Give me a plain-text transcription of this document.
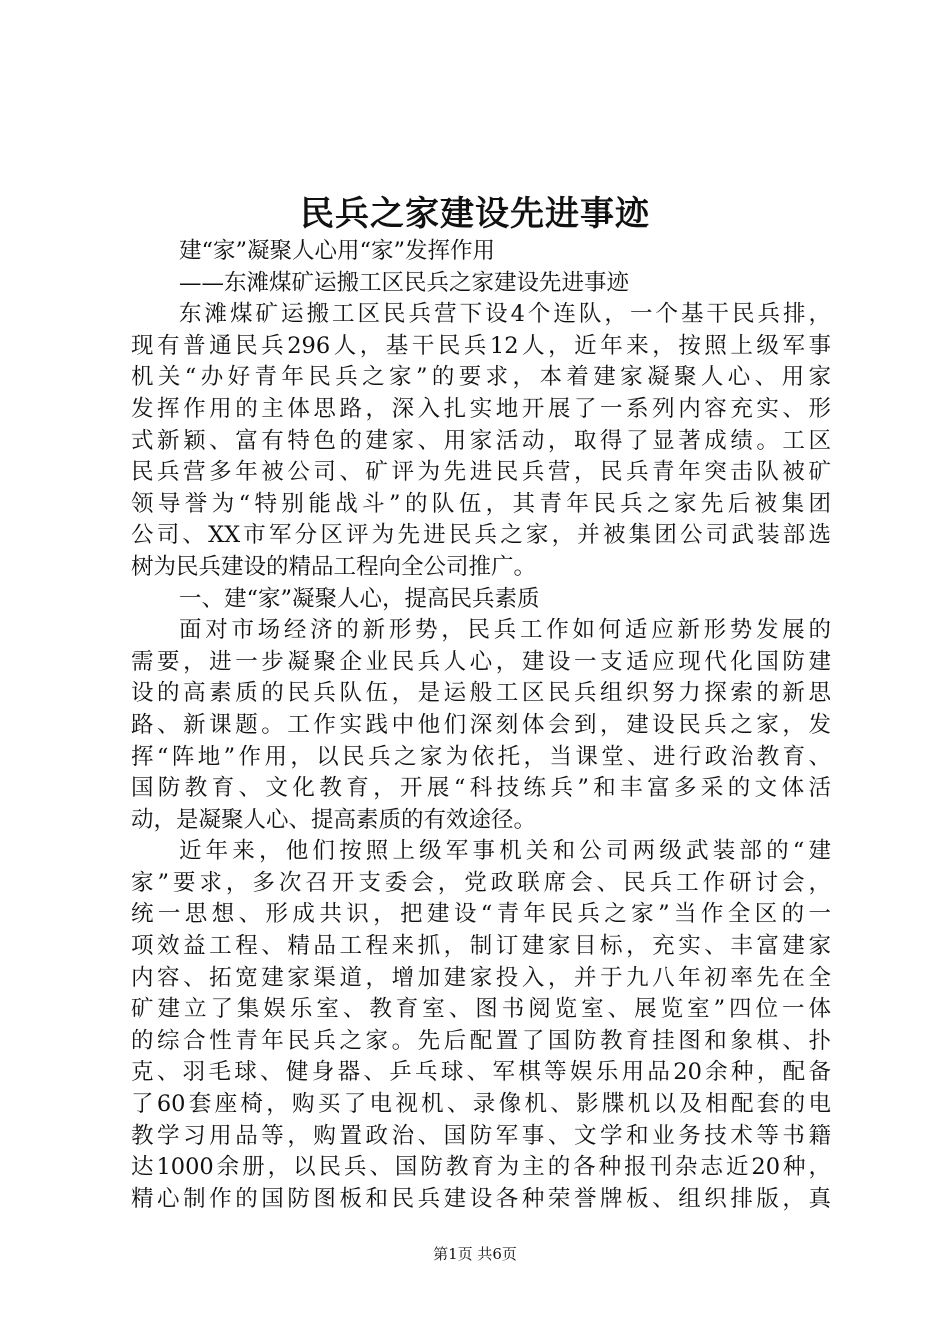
民兵之家建设先进事迹
建“家”凝聚人心用“家”发挥作用
——东滩煤矿运搬工区民兵之家建设先进事迹
东滩煤矿运搬工区民兵营下设4个连队，一个基干民兵排，
现有普通民兵296人，基干民兵12人，近年来，按照上级军事
机关“办好青年民兵之家”的要求，本着建家凝聚人心、用家
发挥作用的主体思路，深入扎实地开展了一系列内容充实、形
式新颖、富有特色的建家、用家活动，取得了显著成绩。工区
民兵营多年被公司、矿评为先进民兵营，民兵青年突击队被矿
领导誉为“特别能战斗”的队伍，其青年民兵之家先后被集团
公司、XX市军分区评为先进民兵之家，并被集团公司武装部选
树为民兵建设的精品工程向全公司推广。
一、建“家”凝聚人心，提高民兵素质
面对市场经济的新形势，民兵工作如何适应新形势发展的
需要，进一步凝聚企业民兵人心，建设一支适应现代化国防建
设的高素质的民兵队伍，是运般工区民兵组织努力探索的新思
路、新课题。工作实践中他们深刻体会到，建设民兵之家，发
挥“阵地”作用，以民兵之家为依托，当课堂、进行政治教育、
国防教育、文化教育，开展“科技练兵”和丰富多采的文体活
动，是凝聚人心、提高素质的有效途径。
近年来，他们按照上级军事机关和公司两级武装部的“建
家”要求，多次召开支委会，党政联席会、民兵工作研讨会，
统一思想、形成共识，把建设“青年民兵之家”当作全区的一
项效益工程、精品工程来抓，制订建家目标，充实、丰富建家
内容、拓宽建家渠道，增加建家投入，并于九八年初率先在全
矿建立了集娱乐室、教育室、图书阅览室、展览室”四位一体
的综合性青年民兵之家。先后配置了国防教育挂图和象棋、扑
克、羽毛球、健身器、乒乓球、军棋等娱乐用品20余种，配备
了60套座椅，购买了电视机、录像机、影牒机以及相配套的电
教学习用品等，购置政治、国防军事、文学和业务技术等书籍
达1000余册，以民兵、国防教育为主的各种报刊杂志近20种，
精心制作的国防图板和民兵建设各种荣誉牌板、组织排版，真
第1页 共6页
